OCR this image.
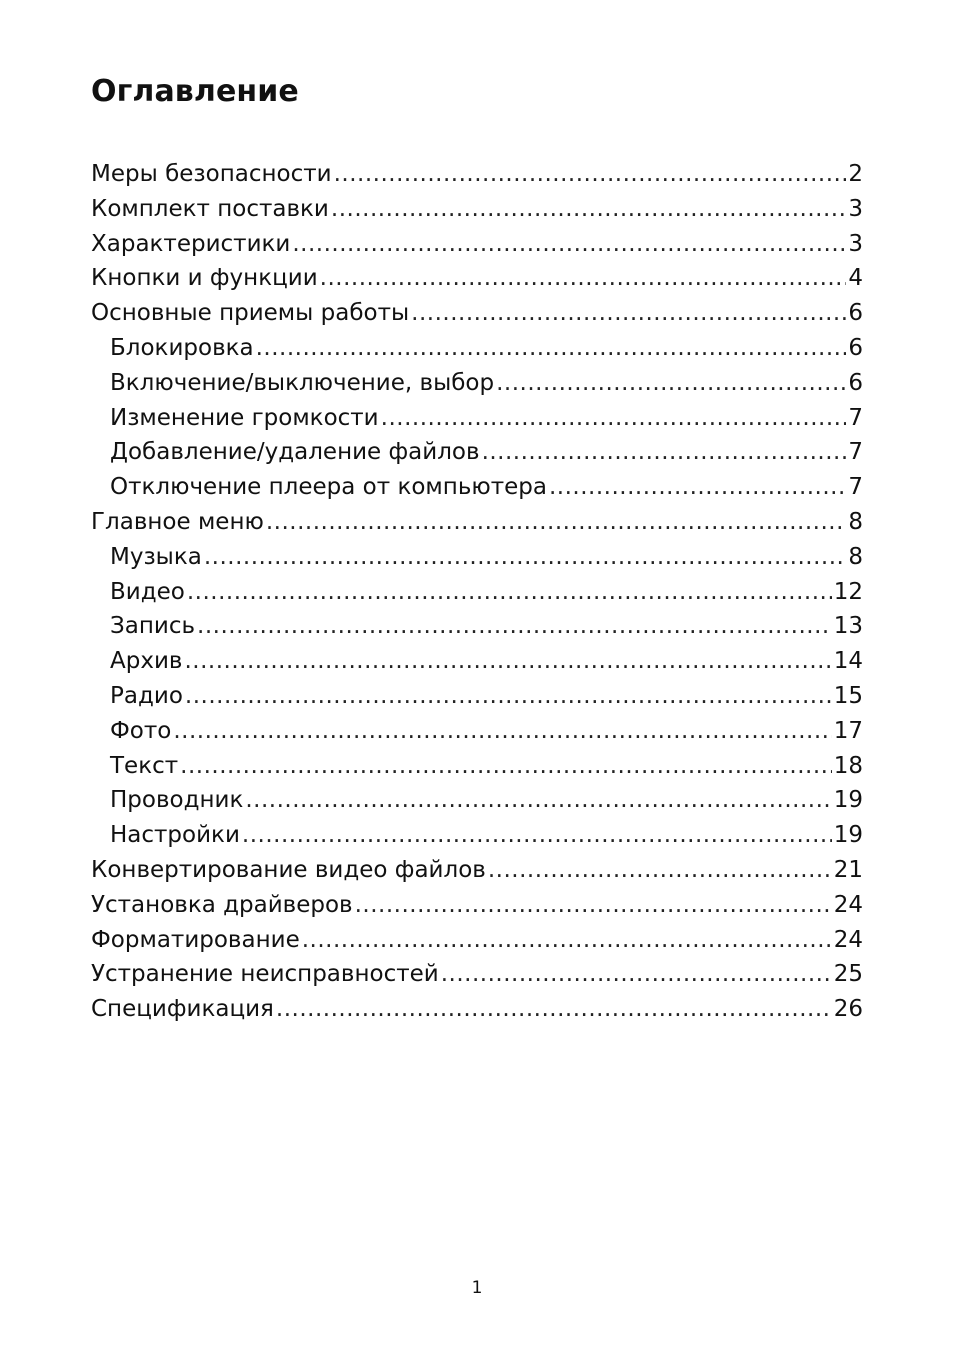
Оглавление
Меры безопасности .....	2
Комплект поставки .....	3
Характеристики .....	3
Кнопки и функции .....	4
Основные приемы работы .....	6
Блокировка .....	6
Включение/выключение, выбор .....	6
Изменение громкости .....	7
Добавление/удаление файлов .....	7
Отключение плеера от компьютера .....	7
Главное меню .....	8
Музыка .....	8
Видео .....	12
Запись .....	13
Архив .....	14
Радио .....	15
Фото .....	17
Текст .....	18
Проводник .....	19
Настройки .....	19
Конвертирование видео файлов .....	21
Установка драйверов .....	24
Форматирование .....	24
Устранение неисправностей .....	25
Спецификация .....	26
1
